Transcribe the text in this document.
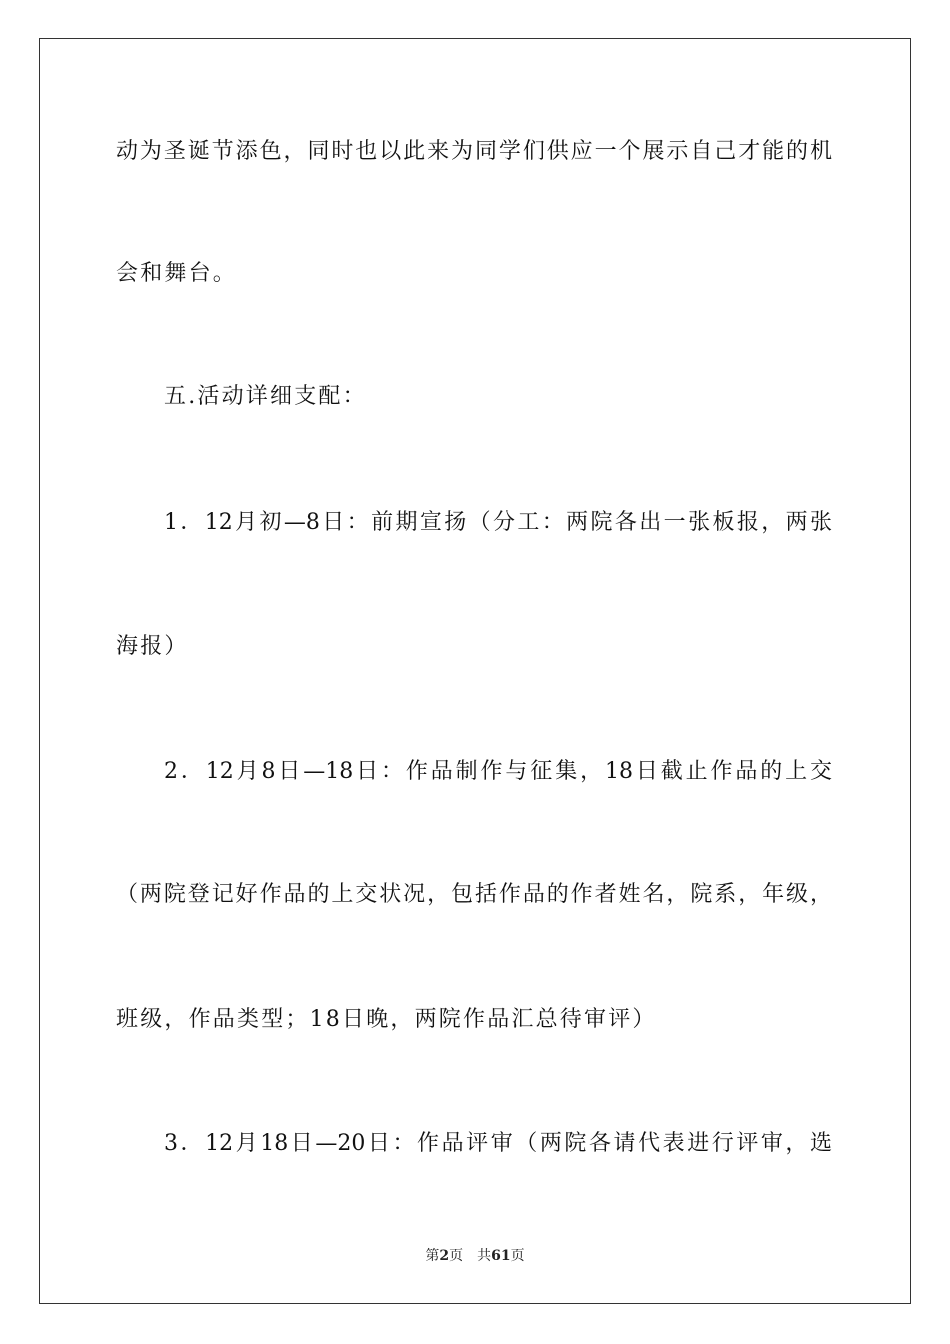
动为圣诞节添色，同时也以此来为同学们供应一个展示自己才能的机
会和舞台。
五.活动详细支配：
1．12月初—8日：前期宣扬（分工：两院各出一张板报，两张
海报）
2．12月8日—18日：作品制作与征集，18日截止作品的上交
（两院登记好作品的上交状况，包括作品的作者姓名，院系，年级，
班级，作品类型；18日晚，两院作品汇总待审评）
3．12月18日—20日：作品评审（两院各请代表进行评审，选
第2页 共61页
